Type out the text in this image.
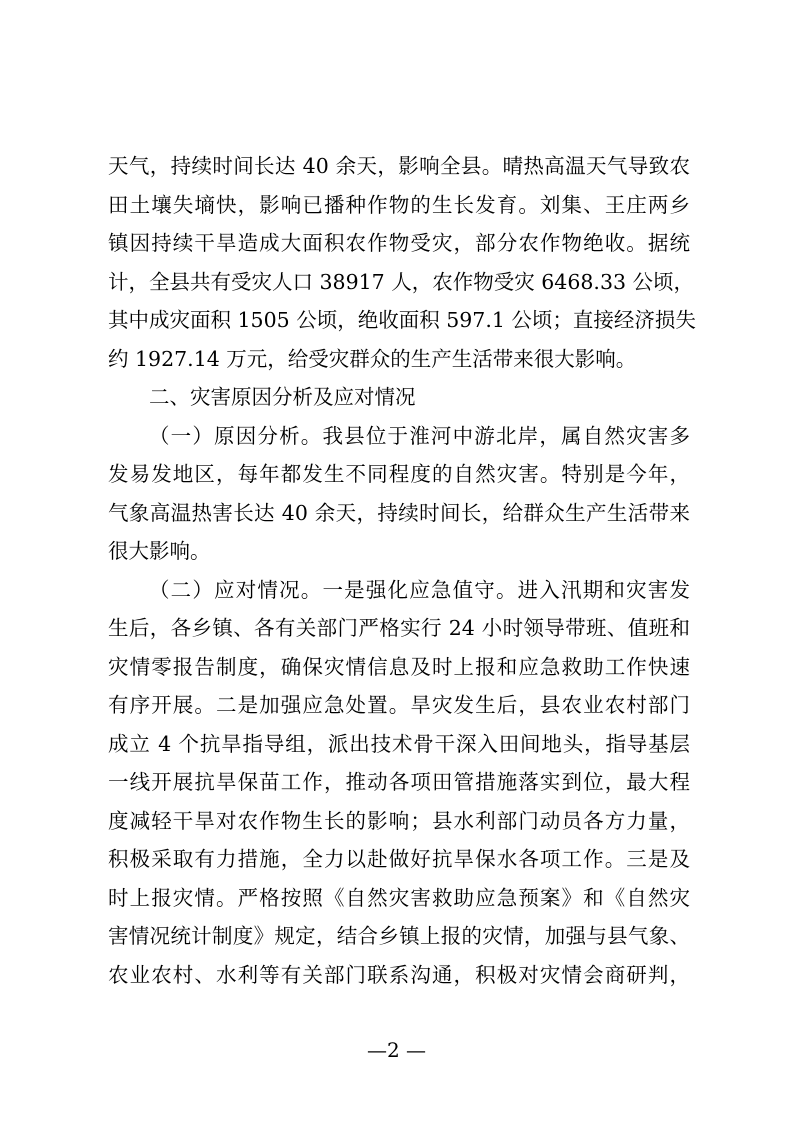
天气，持续时间长达 40 余天，影响全县。晴热高温天气导致农
田土壤失墒快，影响已播种作物的生长发育。刘集、王庄两乡
镇因持续干旱造成大面积农作物受灾，部分农作物绝收。据统
计，全县共有受灾人口 38917 人，农作物受灾 6468.33 公顷，
其中成灾面积 1505 公顷，绝收面积 597.1 公顷；直接经济损失
约 1927.14 万元，给受灾群众的生产生活带来很大影响。
二、灾害原因分析及应对情况
（一）原因分析。我县位于淮河中游北岸，属自然灾害多
发易发地区，每年都发生不同程度的自然灾害。特别是今年，
气象高温热害长达 40 余天，持续时间长，给群众生产生活带来
很大影响。
（二）应对情况。一是强化应急值守。进入汛期和灾害发
生后，各乡镇、各有关部门严格实行 24 小时领导带班、值班和
灾情零报告制度，确保灾情信息及时上报和应急救助工作快速
有序开展。二是加强应急处置。旱灾发生后，县农业农村部门
成立 4 个抗旱指导组，派出技术骨干深入田间地头，指导基层
一线开展抗旱保苗工作，推动各项田管措施落实到位，最大程
度减轻干旱对农作物生长的影响；县水利部门动员各方力量，
积极采取有力措施，全力以赴做好抗旱保水各项工作。三是及
时上报灾情。严格按照《自然灾害救助应急预案》和《自然灾
害情况统计制度》规定，结合乡镇上报的灾情，加强与县气象、
农业农村、水利等有关部门联系沟通，积极对灾情会商研判，
—2 —
